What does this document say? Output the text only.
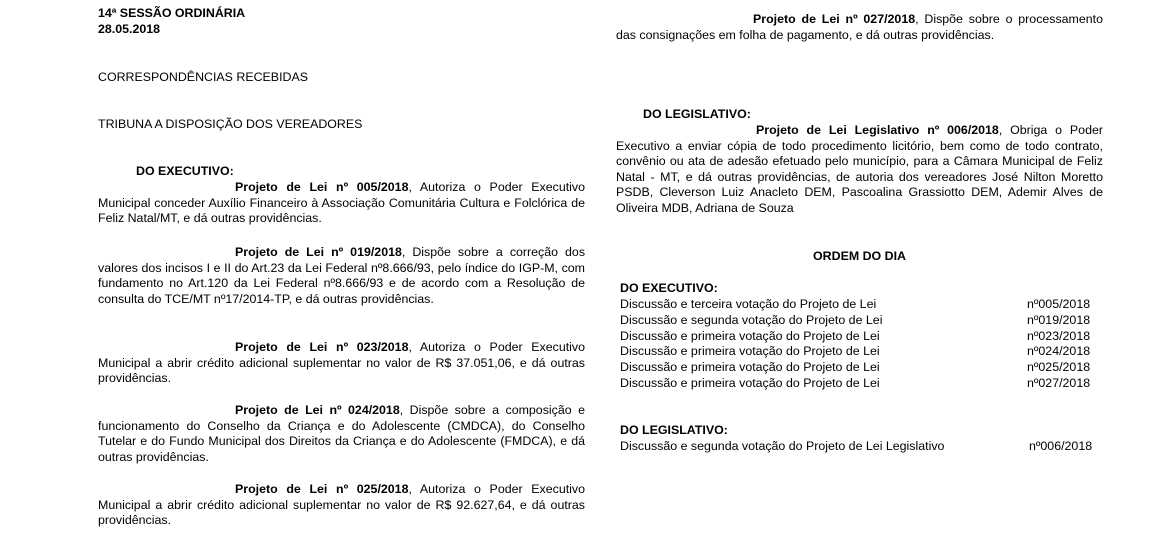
14ª SESSÃO ORDINÁRIA

28.05.2018

CORRESPONDÊNCIAS RECEBIDAS

TRIBUNA A DISPOSIÇÃO DOS VEREADORES

DO EXECUTIVO:

Projeto de Lei nº 005/2018, Autoriza o Poder Executivo Municipal conceder Auxílio Financeiro à Associação Comunitária Cultura e Folclórica de Feliz Natal/MT, e dá outras providências.

Projeto de Lei nº 019/2018, Dispõe sobre a correção dos valores dos incisos I e II do Art.23 da Lei Federal nº8.666/93, pelo índice do IGP-M, com fundamento no Art.120 da Lei Federal nº8.666/93 e de acordo com a Resolução de consulta do TCE/MT nº17/2014-TP, e dá outras providências.

Projeto de Lei nº 023/2018, Autoriza o Poder Executivo Municipal a abrir crédito adicional suplementar no valor de R$ 37.051,06, e dá outras providências.

Projeto de Lei nº 024/2018, Dispõe sobre a composição e funcionamento do Conselho da Criança e do Adolescente (CMDCA), do Conselho Tutelar e do Fundo Municipal dos Direitos da Criança e do Adolescente (FMDCA), e dá outras providências.

Projeto de Lei nº 025/2018, Autoriza o Poder Executivo Municipal a abrir crédito adicional suplementar no valor de R$ 92.627,64, e dá outras providências.

Projeto de Lei nº 027/2018, Dispõe sobre o processamento das consignações em folha de pagamento, e dá outras providências.

DO LEGISLATIVO:

Projeto de Lei Legislativo nº 006/2018, Obriga o Poder Executivo a enviar cópia de todo procedimento licitório, bem como de todo contrato, convênio ou ata de adesão efetuado pelo município, para a Câmara Municipal de Feliz Natal - MT, e dá outras providências, de autoria dos vereadores José Nilton Moretto PSDB, Cleverson Luiz Anacleto DEM, Pascoalina Grassiotto DEM, Ademir Alves de Oliveira MDB, Adriana de Souza

ORDEM DO DIA

DO EXECUTIVO:

Discussão e terceira votação do Projeto de Lei	nº005/2018
Discussão e segunda votação do Projeto de Lei	nº019/2018
Discussão e primeira votação do Projeto de Lei	nº023/2018
Discussão e primeira votação do Projeto de Lei	nº024/2018
Discussão e primeira votação do Projeto de Lei	nº025/2018
Discussão e primeira votação do Projeto de Lei	nº027/2018

DO LEGISLATIVO:

Discussão e segunda votação do Projeto de Lei Legislativo	nº006/2018
